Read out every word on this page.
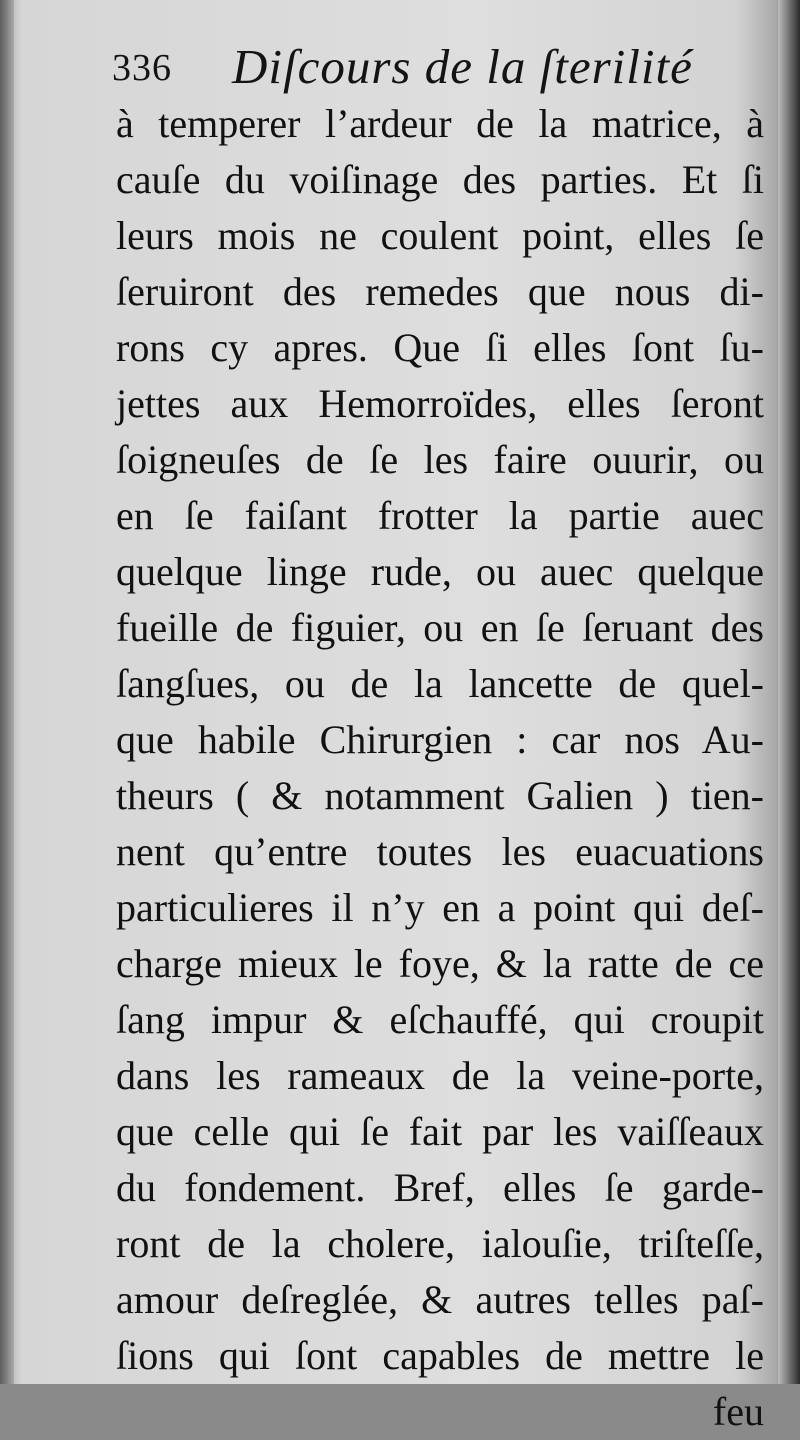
336 Diſcours de la ſterilité
à temperer l’ardeur de la matrice, à
cauſe du voiſinage des parties. Et ſi
leurs mois ne coulent point, elles ſe
ſeruiront des remedes que nous di-
rons cy apres. Que ſi elles ſont ſu-
jettes aux Hemorroïdes, elles ſeront
ſoigneuſes de ſe les faire ouurir, ou
en ſe faiſant frotter la partie auec
quelque linge rude, ou auec quelque
fueille de figuier, ou en ſe ſeruant des
ſangſues, ou de la lancette de quel-
que habile Chirurgien : car nos Au-
theurs ( & notamment Galien ) tien-
nent qu’entre toutes les euacuations
particulieres il n’y en a point qui deſ-
charge mieux le foye, & la ratte de ce
ſang impur & eſchauffé, qui croupit
dans les rameaux de la veine-porte,
que celle qui ſe fait par les vaiſſeaux
du fondement. Bref, elles ſe garde-
ront de la cholere, ialouſie, triſteſſe,
amour deſreglée, & autres telles paſ-
ſions qui ſont capables de mettre le
feu
